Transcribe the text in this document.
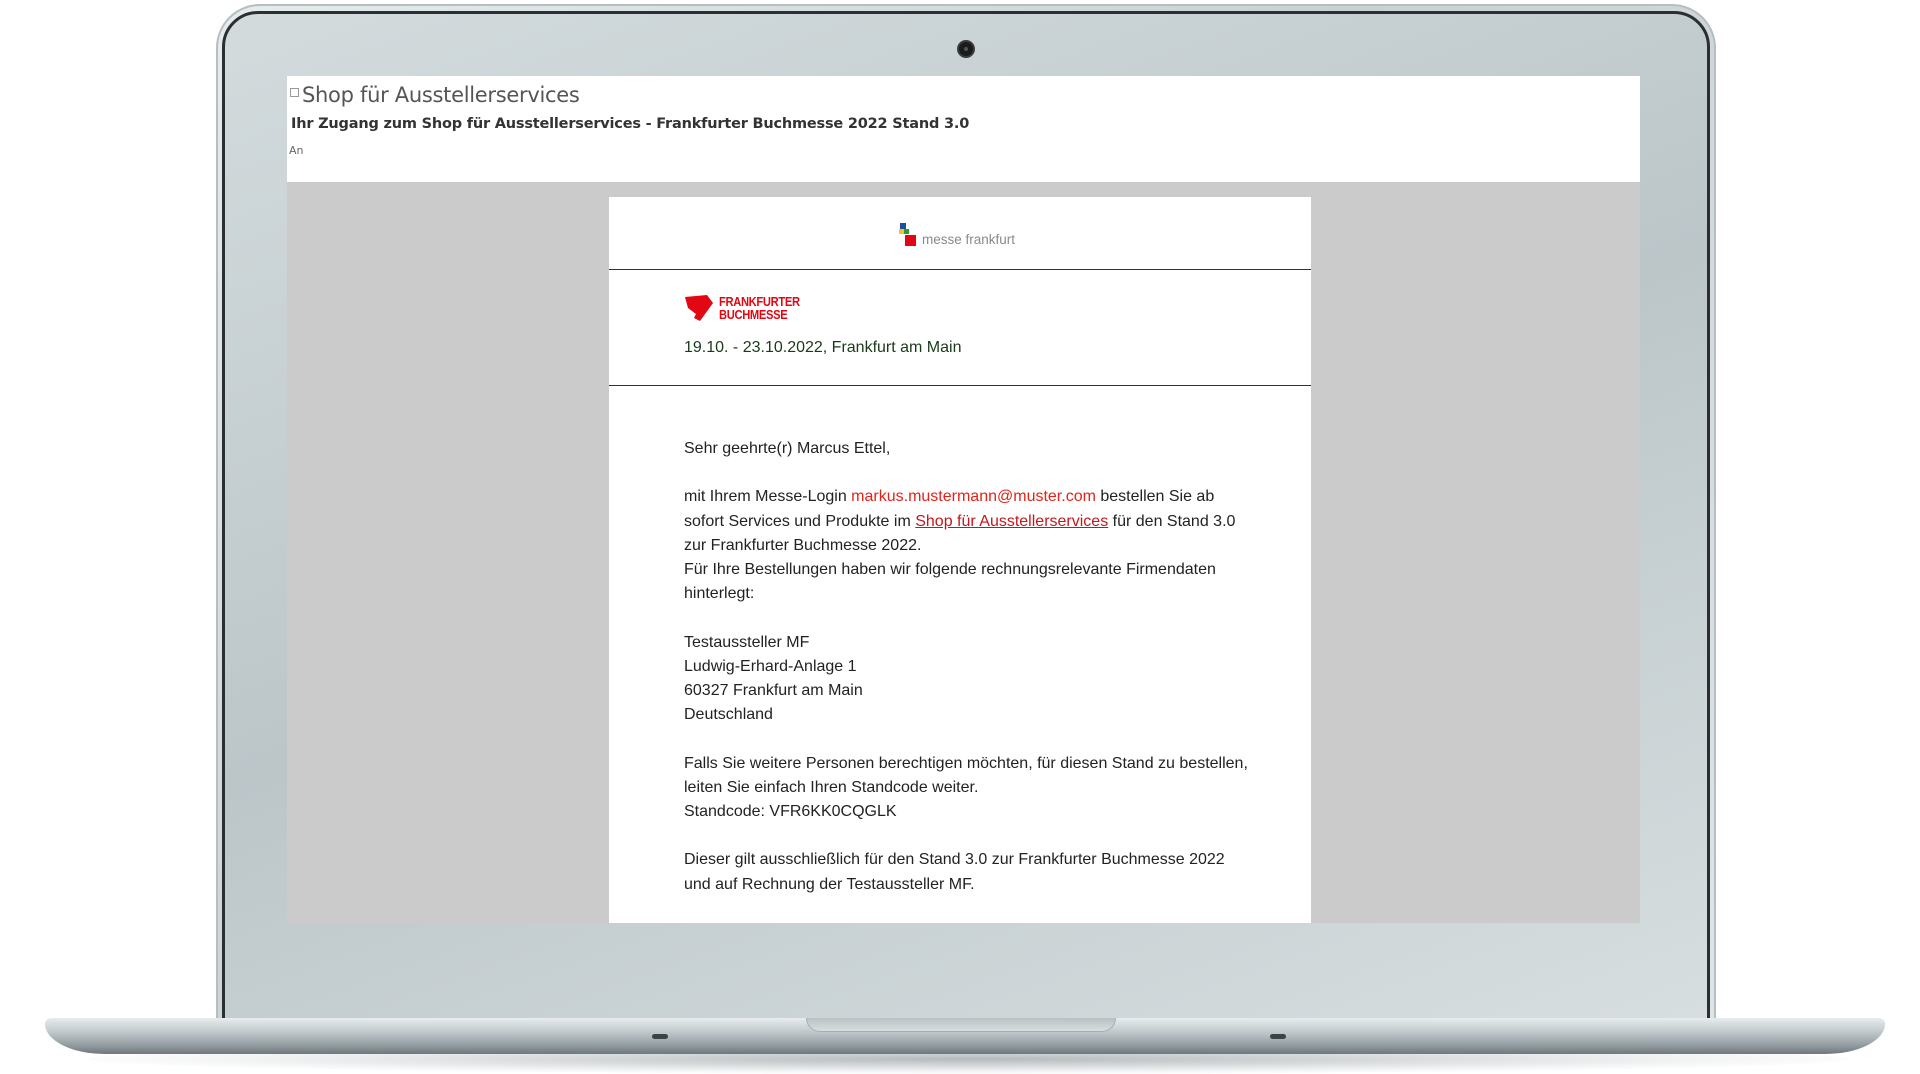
Shop für Ausstellerservices
Ihr Zugang zum Shop für Ausstellerservices - Frankfurter Buchmesse 2022 Stand 3.0
An
messe frankfurt
FRANKFURTER
BUCHMESSE
19.10. - 23.10.2022, Frankfurt am Main

Sehr geehrte(r) Marcus Ettel,

mit Ihrem Messe-Login markus.mustermann@muster.com bestellen Sie ab sofort Services und Produkte im Shop für Ausstellerservices für den Stand 3.0 zur Frankfurter Buchmesse 2022.

Für Ihre Bestellungen haben wir folgende rechnungsrelevante Firmendaten hinterlegt:

Testaussteller MF

Ludwig-Erhard-Anlage 1

60327 Frankfurt am Main

Deutschland

Falls Sie weitere Personen berechtigen möchten, für diesen Stand zu bestellen, leiten Sie einfach Ihren Standcode weiter.

Standcode: VFR6KK0CQGLK

Dieser gilt ausschließlich für den Stand 3.0 zur Frankfurter Buchmesse 2022 und auf Rechnung der Testaussteller MF.
